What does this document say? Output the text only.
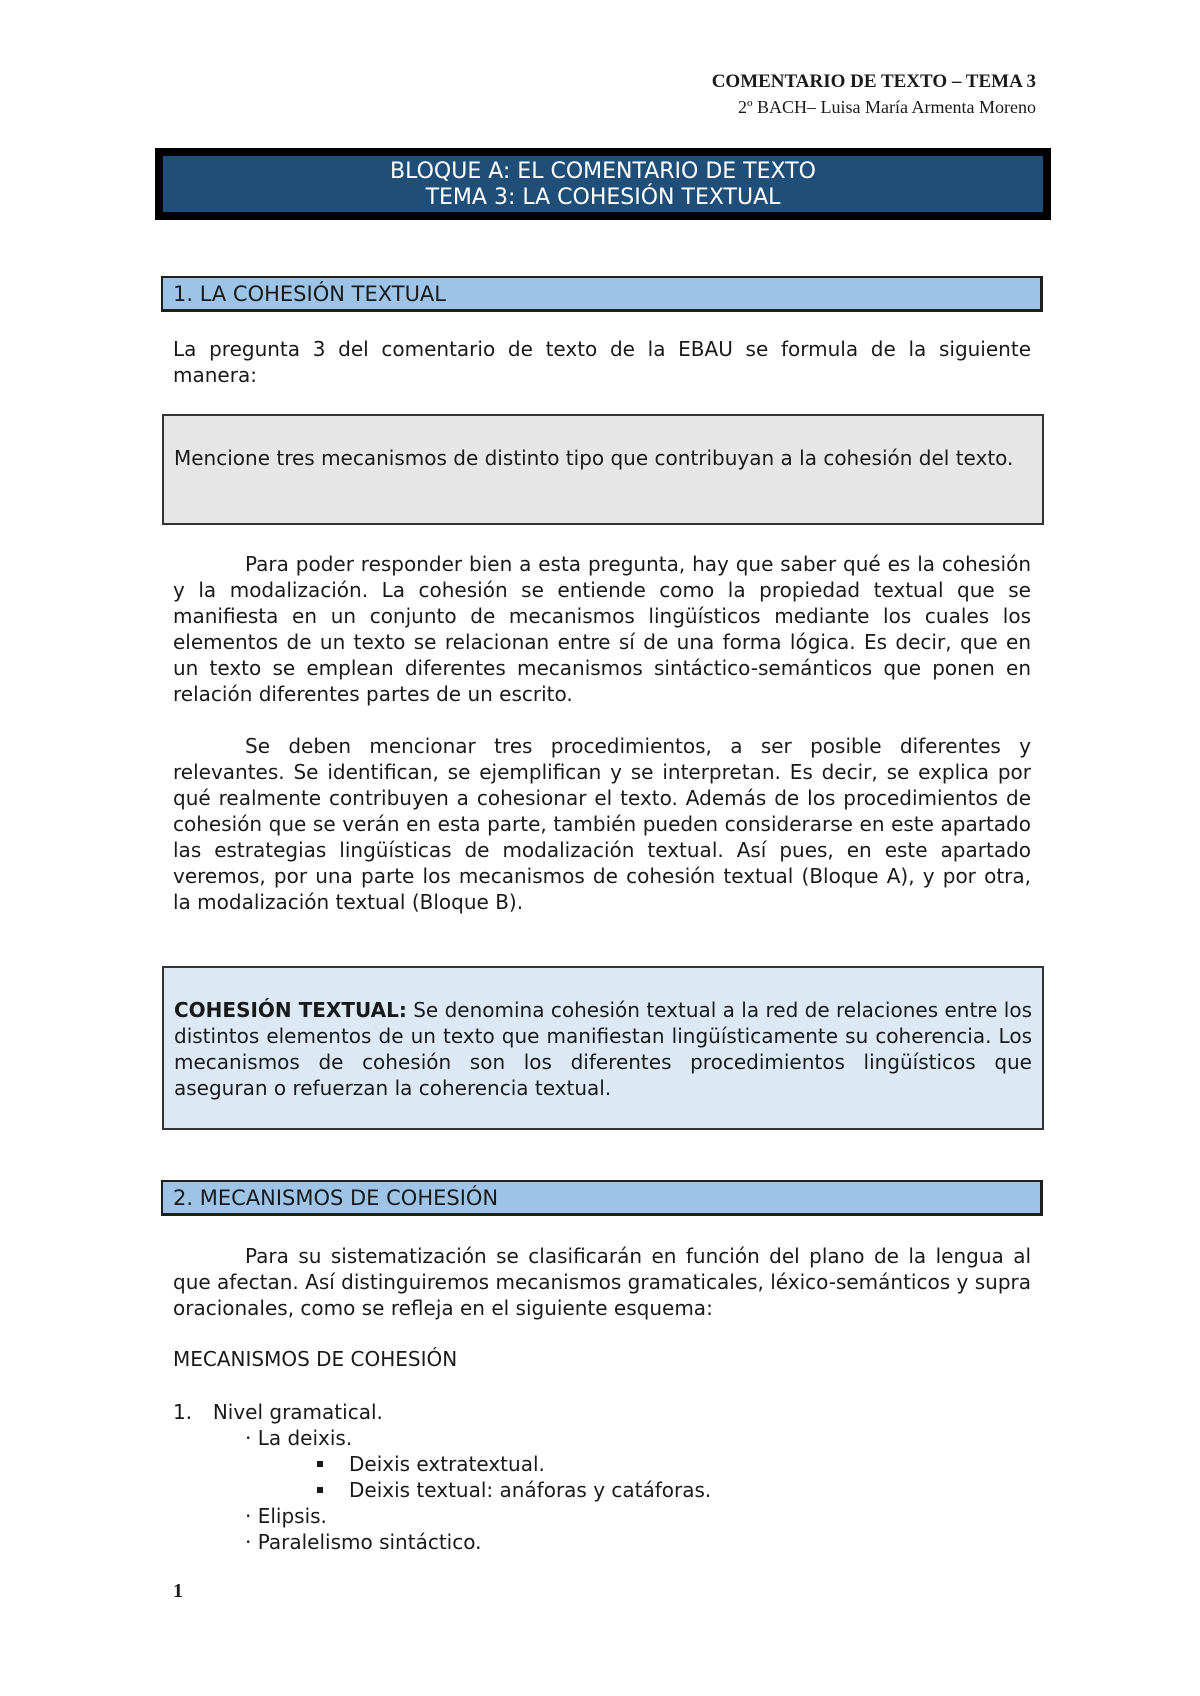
COMENTARIO DE TEXTO – TEMA 3
2º BACH– Luisa María Armenta Moreno
BLOQUE A: EL COMENTARIO DE TEXTO
TEMA 3: LA COHESIÓN TEXTUAL
1. LA COHESIÓN TEXTUAL
La pregunta 3 del comentario de texto de la EBAU se formula de la siguiente manera:
Mencione tres mecanismos de distinto tipo que contribuyan a la cohesión del texto.
Para poder responder bien a esta pregunta, hay que saber qué es la cohesión y la modalización. La cohesión se entiende como la propiedad textual que se manifiesta en un conjunto de mecanismos lingüísticos mediante los cuales los elementos de un texto se relacionan entre sí de una forma lógica. Es decir, que en un texto se emplean diferentes mecanismos sintáctico-semánticos que ponen en relación diferentes partes de un escrito.
Se deben mencionar tres procedimientos, a ser posible diferentes y relevantes. Se identifican, se ejemplifican y se interpretan. Es decir, se explica por qué realmente contribuyen a cohesionar el texto. Además de los procedimientos de cohesión que se verán en esta parte, también pueden considerarse en este apartado las estrategias lingüísticas de modalización textual. Así pues, en este apartado veremos, por una parte los mecanismos de cohesión textual (Bloque A), y por otra, la modalización textual (Bloque B).
COHESIÓN TEXTUAL: Se denomina cohesión textual a la red de relaciones entre los distintos elementos de un texto que manifiestan lingüísticamente su coherencia. Los mecanismos de cohesión son los diferentes procedimientos lingüísticos que aseguran o refuerzan la coherencia textual.
2. MECANISMOS DE COHESIÓN
Para su sistematización se clasificarán en función del plano de la lengua al que afectan. Así distinguiremos mecanismos gramaticales, léxico-semánticos y supra oracionales, como se refleja en el siguiente esquema:
MECANISMOS DE COHESIÓN
1. Nivel gramatical.
· La deixis.
Deixis extratextual.
Deixis textual: anáforas y catáforas.
· Elipsis.
· Paralelismo sintáctico.
1
